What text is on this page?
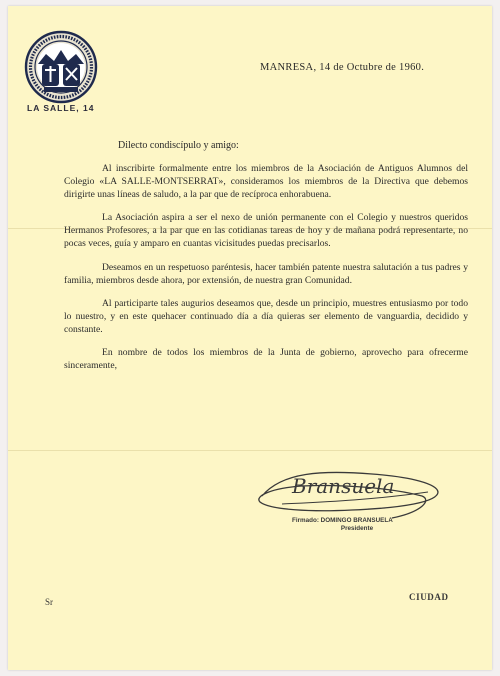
LA SALLE, 14
MANRESA, 14 de Octubre de 1960.
Dilecto condiscípulo y amigo:

Al inscribirte formalmente entre los miembros de la Asociación de Antiguos Alumnos del Colegio «LA SALLE-MONTSERRAT», consideramos los miembros de la Directiva que debemos dirigirte unas líneas de saludo, a la par que de recíproca enhorabuena.

La Asociación aspira a ser el nexo de unión permanente con el Colegio y nuestros queridos Hermanos Profesores, a la par que en las cotidianas tareas de hoy y de mañana podrá representarte, no pocas veces, guía y amparo en cuantas vicisitudes puedas precisarlos.

Deseamos en un respetuoso paréntesis, hacer también patente nuestra salutación a tus padres y familia, miembros desde ahora, por extensión, de nuestra gran Comunidad.

Al participarte tales augurios deseamos que, desde un principio, muestres entusiasmo por todo lo nuestro, y en este quehacer continuado día a día quieras ser elemento de vanguardia, decidido y constante.

En nombre de todos los miembros de la Junta de gobierno, aprovecho para ofrecerme sinceramente,

Bransuela
Firmado: DOMINGO BRANSUELA
Presidente
Sr	CIUDAD
